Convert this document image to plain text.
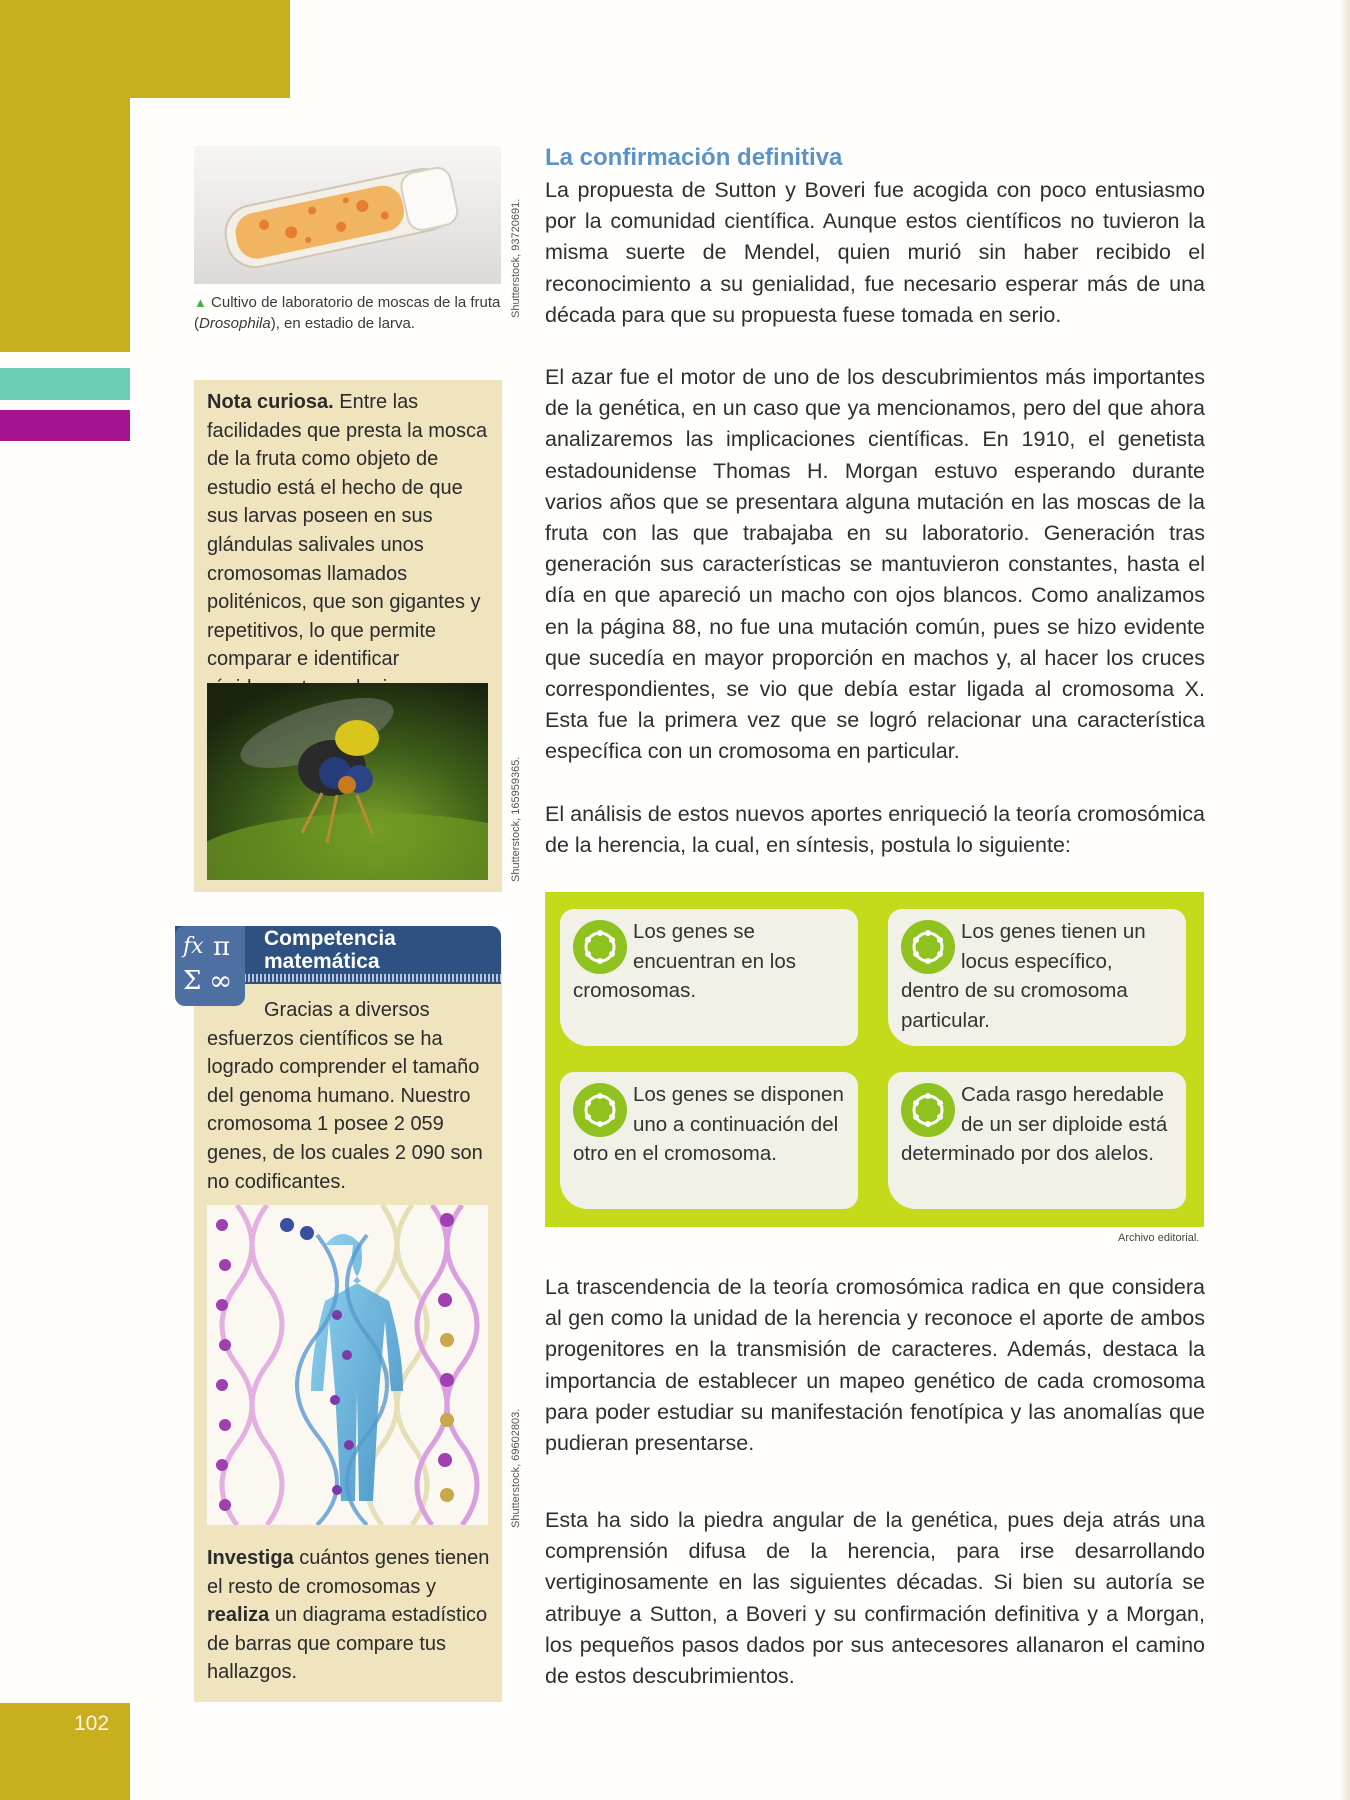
102
▲ Cultivo de laboratorio de moscas de la fruta (Drosophila), en estadio de larva.
Shutterstock, 93720691.
Nota curiosa. Entre las facilidades que presta la mosca de la fruta como objeto de estudio está el hecho de que sus larvas poseen en sus glándulas salivales unos cromosomas llamados politénicos, que son gigantes y repetitivos, lo que permite comparar e identificar
Shutterstock, 165959365.
𝑓𝑥 π
Σ ∞
Competencia
matemática
Gracias a diversos esfuerzos científicos se ha logrado comprender el tamaño del genoma humano. Nuestro cromosoma 1 posee 2 059 genes, de los cuales 2 090 son no codificantes.
Shutterstock, 69602803.
Investiga cuántos genes tienen el resto de cromosomas y realiza un diagrama estadístico de barras que compare tus hallazgos.
La confirmación definitiva
La propuesta de Sutton y Boveri fue acogida con poco entusiasmo por la comunidad científica. Aunque estos científicos no tuvieron la misma suerte de Mendel, quien murió sin haber recibido el reconocimiento a su genialidad, fue necesario esperar más de una década para que su propuesta fuese tomada en serio.
El azar fue el motor de uno de los descubrimientos más importantes de la genética, en un caso que ya mencionamos, pero del que ahora analizaremos las implicaciones científicas. En 1910, el genetista estadounidense Thomas H. Morgan estuvo esperando durante varios años que se presentara alguna mutación en las moscas de la fruta con las que trabajaba en su laboratorio. Generación tras generación sus características se mantuvieron constantes, hasta el día en que apareció un macho con ojos blancos. Como analizamos en la página 88, no fue una mutación común, pues se hizo evidente que sucedía en mayor proporción en machos y, al hacer los cruces correspondientes, se vio que debía estar ligada al cromosoma X. Esta fue la primera vez que se logró relacionar una característica específica con un cromosoma en particular.
El análisis de estos nuevos aportes enriqueció la teoría cromosómica de la herencia, la cual, en síntesis, postula lo siguiente:
Los genes se encuentran en los cromosomas.
Los genes tienen un locus específico, dentro de su cromosoma particular.
Los genes se disponen uno a continuación del otro en el cromosoma.
Cada rasgo heredable de un ser diploide está determinado por dos alelos.
Archivo editorial.
La trascendencia de la teoría cromosómica radica en que considera al gen como la unidad de la herencia y reconoce el aporte de ambos progenitores en la transmisión de caracteres. Además, destaca la importancia de establecer un mapeo genético de cada cromosoma para poder estudiar su manifestación fenotípica y las anomalías que pudieran presentarse.
Esta ha sido la piedra angular de la genética, pues deja atrás una comprensión difusa de la herencia, para irse desarrollando vertiginosamente en las siguientes décadas. Si bien su autoría se atribuye a Sutton, a Boveri y su confirmación definitiva y a Morgan, los pequeños pasos dados por sus antecesores allanaron el camino de estos descubrimientos.
